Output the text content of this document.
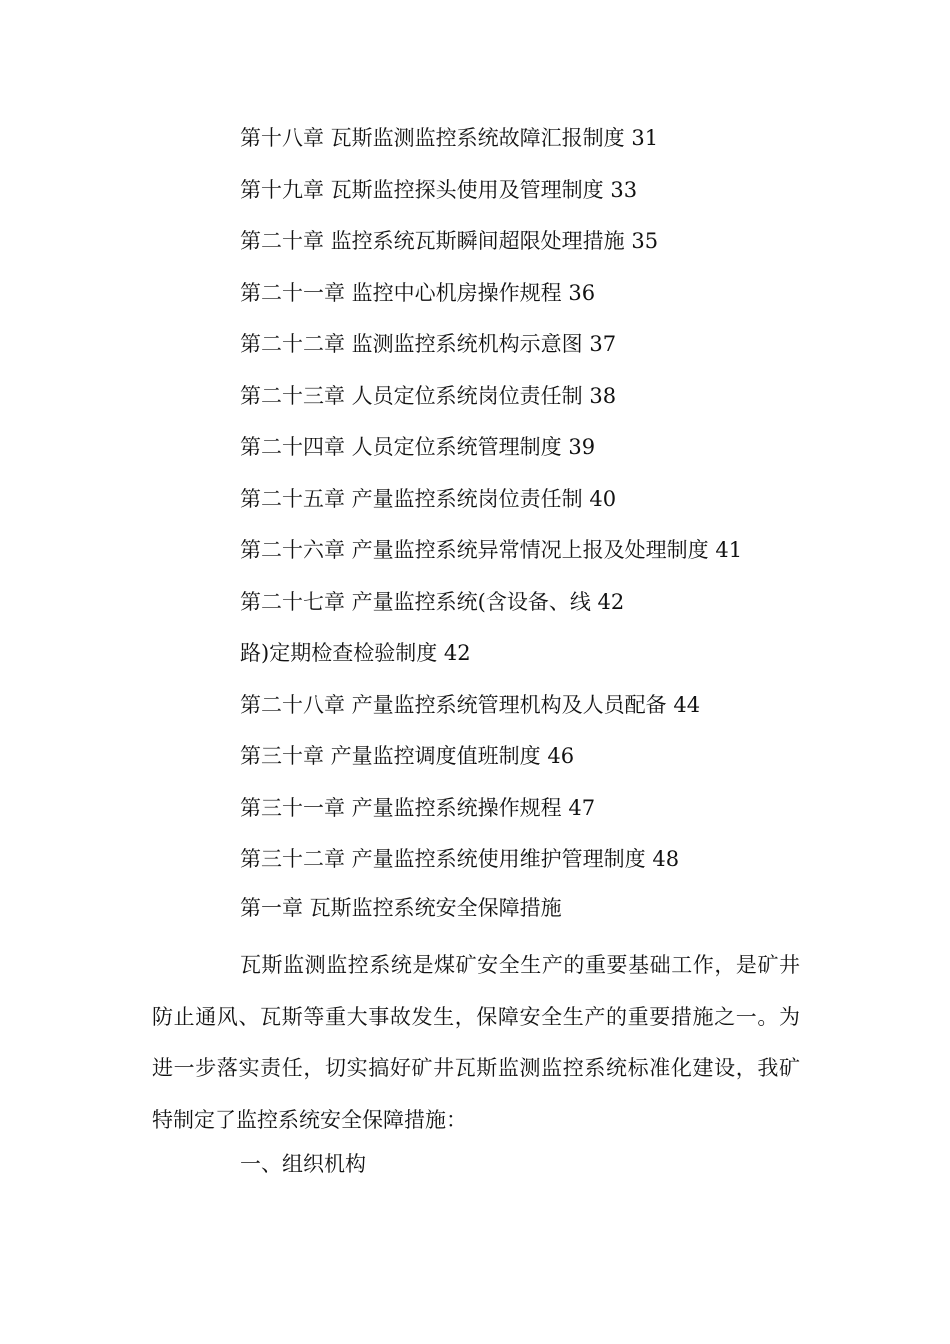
第十八章 瓦斯监测监控系统故障汇报制度 31
第十九章 瓦斯监控探头使用及管理制度 33
第二十章 监控系统瓦斯瞬间超限处理措施 35
第二十一章 监控中心机房操作规程 36
第二十二章 监测监控系统机构示意图 37
第二十三章 人员定位系统岗位责任制 38
第二十四章 人员定位系统管理制度 39
第二十五章 产量监控系统岗位责任制 40
第二十六章 产量监控系统异常情况上报及处理制度 41
第二十七章 产量监控系统(含设备、线 42
路)定期检查检验制度 42
第二十八章 产量监控系统管理机构及人员配备 44
第三十章 产量监控调度值班制度 46
第三十一章 产量监控系统操作规程 47
第三十二章 产量监控系统使用维护管理制度 48
第一章 瓦斯监控系统安全保障措施
瓦斯监测监控系统是煤矿安全生产的重要基础工作，是矿井防止通风、瓦斯等重大事故发生，保障安全生产的重要措施之一。为进一步落实责任，切实搞好矿井瓦斯监测监控系统标准化建设，我矿特制定了监控系统安全保障措施：
一、组织机构
